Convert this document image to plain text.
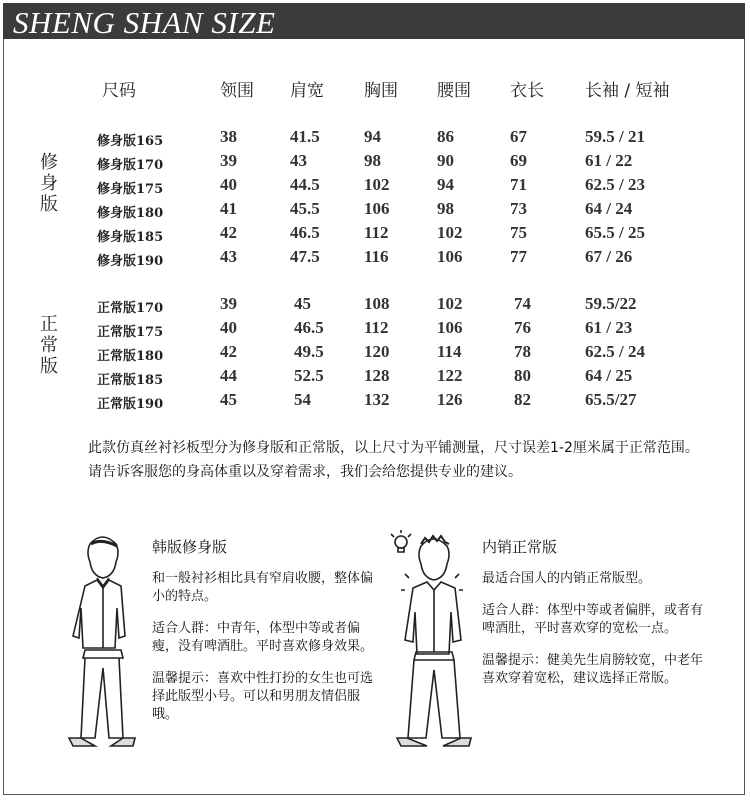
SHENG SHAN SIZE
尺码	领围 肩宽 胸围 腰围 衣长 长袖 / 短袖
修身版165	38	41.5	94	86	67	59.5 / 21
修身版170	39	43	98	90	69	61 / 22
修身版175	40	44.5	102	94	71	62.5 / 23
修身版180	41	45.5	106	98	73	64 / 24
修身版185	42	46.5	112	102	75	65.5 / 25
修身版190	43	47.5	116	106	77	67 / 26
正常版170	39	45	108	102	74	59.5/22
正常版175	40	46.5 112	106	76	61 / 23
正常版180	42	49.5 120	114	78	62.5 / 24
正常版185	44	52.5 128	122	80	64 / 25
正常版190	45	54	132	126	82	65.5/27
修
身
版
正
常
版
此款仿真丝衬衫板型分为修身版和正常版，以上尺寸为平铺测量，尺寸误差1-2厘米属于正常范围。请告诉客服您的身高体重以及穿着需求，我们会给您提供专业的建议。
韩版修身版

和一般衬衫相比具有窄肩收腰，整体偏小的特点。

适合人群：中青年，体型中等或者偏瘦，没有啤酒肚。平时喜欢修身效果。

温馨提示：喜欢中性打扮的女生也可选择此版型小号。可以和男朋友情侣服哦。

内销正常版

最适合国人的内销正常版型。

适合人群：体型中等或者偏胖，或者有啤酒肚，平时喜欢穿的宽松一点。

温馨提示：健美先生肩膀较宽，中老年喜欢穿着宽松，建议选择正常版。
